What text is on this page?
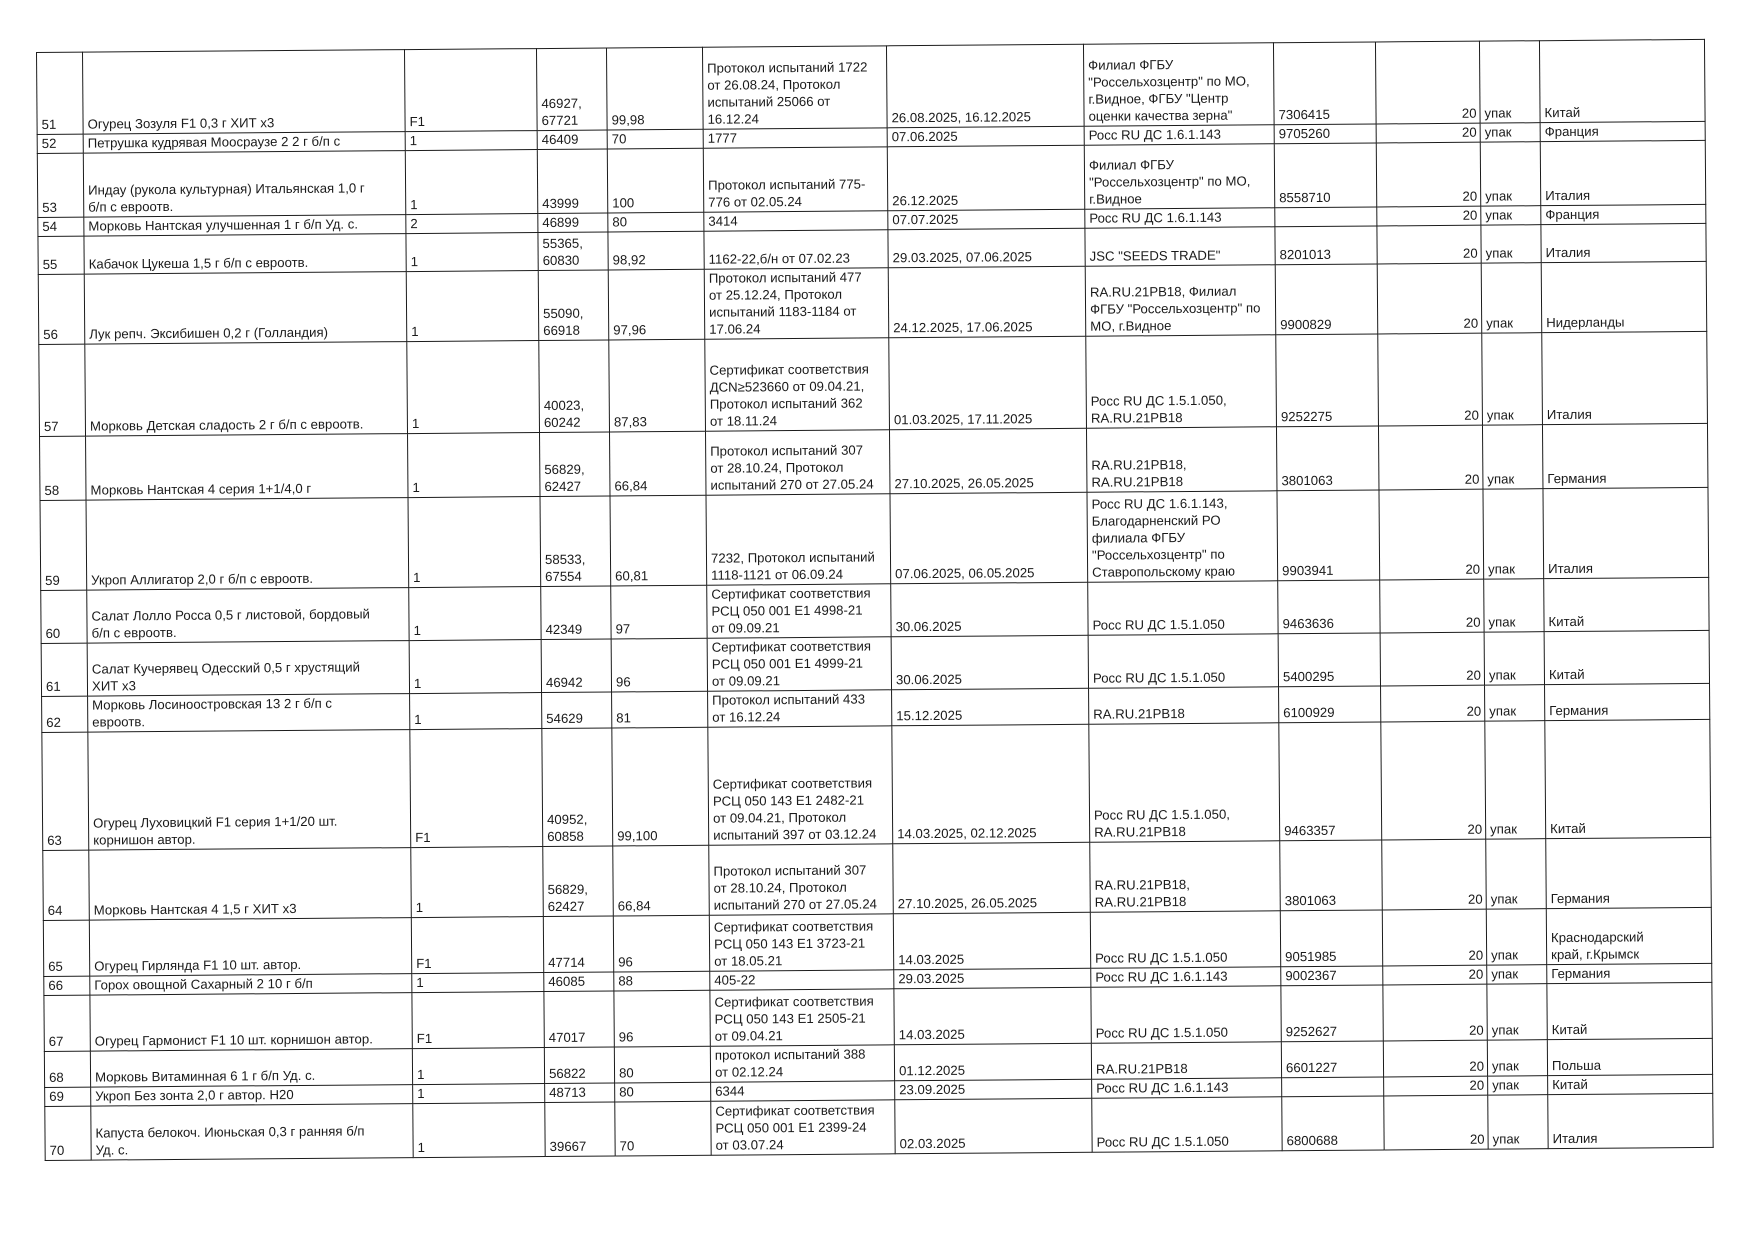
51	Огурец Зозуля F1 0,3 г ХИТ х3	F1	46927,
67721	99,98	Протокол испытаний 1722
от 26.08.24, Протокол
испытаний 25066 от
16.12.24	26.08.2025, 16.12.2025	Филиал ФГБУ
"Россельхозцентр" по МО,
г.Видное, ФГБУ "Центр
оценки качества зерна"	7306415	20	упак	Китай
52	Петрушка кудрявая Моосраузе 2 2 г б/п с	1	46409	70	1777	07.06.2025	Росс RU ДС 1.6.1.143	9705260	20	упак	Франция
53	Индау (рукола культурная) Итальянская 1,0 г
б/п с евроотв.	1	43999	100	Протокол испытаний 775-
776 от 02.05.24	26.12.2025	Филиал ФГБУ
"Россельхозцентр" по МО,
г.Видное	8558710	20	упак	Италия
54	Морковь Нантская улучшенная 1 г б/п Уд. с.	2	46899	80	3414	07.07.2025	Росс RU ДС 1.6.1.143		20	упак	Франция
55	Кабачок Цукеша 1,5 г б/п с евроотв.	1	55365,
60830	98,92	1162-22,б/н от 07.02.23	29.03.2025, 07.06.2025	JSC "SEEDS TRADE"	8201013	20	упак	Италия
56	Лук репч. Эксибишен 0,2 г (Голландия)	1	55090,
66918	97,96	Протокол испытаний 477
от 25.12.24, Протокол
испытаний 1183-1184 от
17.06.24	24.12.2025, 17.06.2025	RA.RU.21PB18, Филиал
ФГБУ "Россельхозцентр" по
МО, г.Видное	9900829	20	упак	Нидерланды
57	Морковь Детская сладость 2 г б/п с евроотв.	1	40023,
60242	87,83	Сертификат соответствия
ДСN≥523660 от 09.04.21,
Протокол испытаний 362
от 18.11.24	01.03.2025, 17.11.2025	Росс RU ДС 1.5.1.050,
RA.RU.21PB18	9252275	20	упак	Италия
58	Морковь Нантская 4 серия 1+1/4,0 г	1	56829,
62427	66,84	Протокол испытаний 307
от 28.10.24, Протокол
испытаний 270 от 27.05.24	27.10.2025, 26.05.2025	RA.RU.21PB18,
RA.RU.21PB18	3801063	20	упак	Германия
59	Укроп Аллигатор 2,0 г б/п с евроотв.	1	58533,
67554	60,81	7232, Протокол испытаний
1118-1121 от 06.09.24	07.06.2025, 06.05.2025	Росс RU ДС 1.6.1.143,
Благодарненский РО
филиала ФГБУ
"Россельхозцентр" по
Ставропольскому краю	9903941	20	упак	Италия
60	Салат Лолло Росса 0,5 г листовой, бордовый
б/п с евроотв.	1	42349	97	Сертификат соответствия
РСЦ 050 001 Е1 4998-21
от 09.09.21	30.06.2025	Росс RU ДС 1.5.1.050	9463636	20	упак	Китай
61	Салат Кучерявец Одесский 0,5 г хрустящий
ХИТ х3	1	46942	96	Сертификат соответствия
РСЦ 050 001 Е1 4999-21
от 09.09.21	30.06.2025	Росс RU ДС 1.5.1.050	5400295	20	упак	Китай
62	Морковь Лосиноостровская 13 2 г б/п с
евроотв.	1	54629	81	Протокол испытаний 433
от 16.12.24	15.12.2025	RA.RU.21PB18	6100929	20	упак	Германия
63	Огурец Луховицкий F1 серия 1+1/20 шт.
корнишон автор.	F1	40952,
60858	99,100	Сертификат соответствия
РСЦ 050 143 Е1 2482-21
от 09.04.21, Протокол
испытаний 397 от 03.12.24	14.03.2025, 02.12.2025	Росс RU ДС 1.5.1.050,
RA.RU.21PB18	9463357	20	упак	Китай
64	Морковь Нантская 4 1,5 г ХИТ х3	1	56829,
62427	66,84	Протокол испытаний 307
от 28.10.24, Протокол
испытаний 270 от 27.05.24	27.10.2025, 26.05.2025	RA.RU.21PB18,
RA.RU.21PB18	3801063	20	упак	Германия
65	Огурец Гирлянда F1 10 шт. автор.	F1	47714	96	Сертификат соответствия
РСЦ 050 143 Е1 3723-21
от 18.05.21	14.03.2025	Росс RU ДС 1.5.1.050	9051985	20	упак	Краснодарский
край, г.Крымск
66	Горох овощной Сахарный 2 10 г б/п	1	46085	88	405-22	29.03.2025	Росс RU ДС 1.6.1.143	9002367	20	упак	Германия
67	Огурец Гармонист F1 10 шт. корнишон автор.	F1	47017	96	Сертификат соответствия
РСЦ 050 143 Е1 2505-21
от 09.04.21	14.03.2025	Росс RU ДС 1.5.1.050	9252627	20	упак	Китай
68	Морковь Витаминная 6 1 г б/п Уд. с.	1	56822	80	протокол испытаний 388
от 02.12.24	01.12.2025	RA.RU.21PB18	6601227	20	упак	Польша
69	Укроп Без зонта 2,0 г автор. Н20	1	48713	80	6344	23.09.2025	Росс RU ДС 1.6.1.143		20	упак	Китай
70	Капуста белокоч. Июньская 0,3 г ранняя б/п
Уд. с.	1	39667	70	Сертификат соответствия
РСЦ 050 001 Е1 2399-24
от 03.07.24	02.03.2025	Росс RU ДС 1.5.1.050	6800688	20	упак	Италия
